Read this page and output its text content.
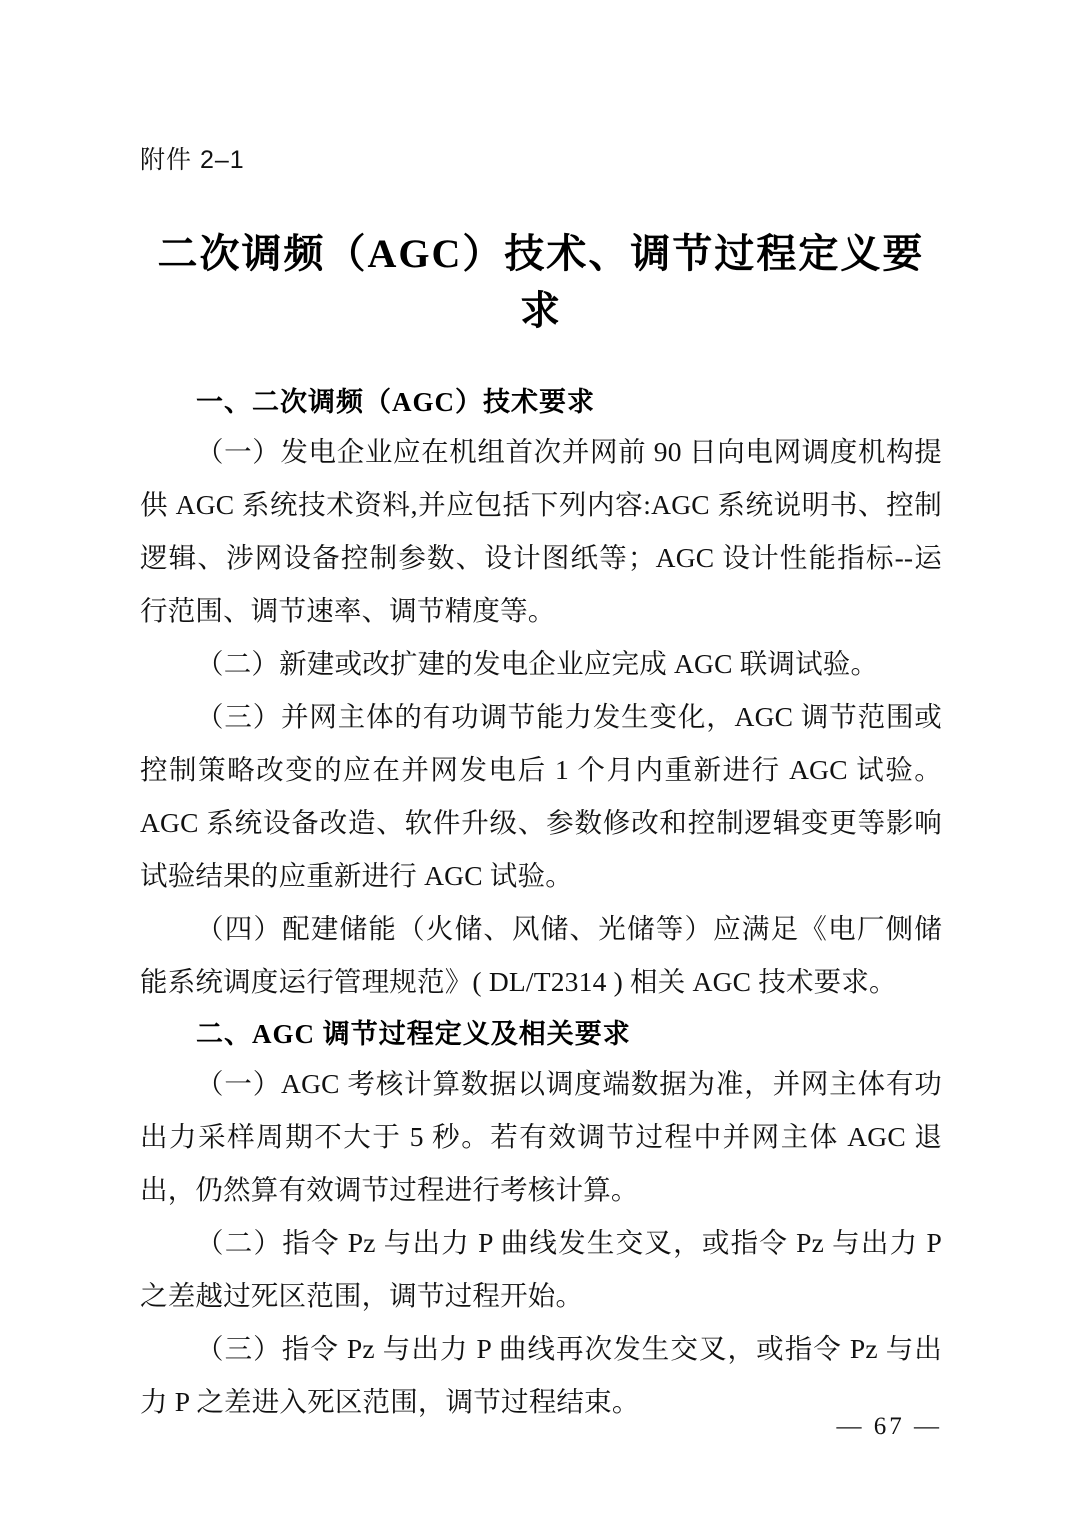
附件 2–1
二次调频（AGC）技术、调节过程定义要求
一、二次调频（AGC）技术要求

（一）发电企业应在机组首次并网前 90 日向电网调度机构提供 AGC 系统技术资料,并应包括下列内容:AGC 系统说明书、控制逻辑、涉网设备控制参数、设计图纸等；AGC 设计性能指标--运行范围、调节速率、调节精度等。

（二）新建或改扩建的发电企业应完成 AGC 联调试验。

（三）并网主体的有功调节能力发生变化，AGC 调节范围或控制策略改变的应在并网发电后 1 个月内重新进行 AGC 试验。AGC 系统设备改造、软件升级、参数修改和控制逻辑变更等影响试验结果的应重新进行 AGC 试验。

（四）配建储能（火储、风储、光储等）应满足《电厂侧储能系统调度运行管理规范》( DL/T2314 ) 相关 AGC 技术要求。

二、AGC 调节过程定义及相关要求

（一）AGC 考核计算数据以调度端数据为准，并网主体有功出力采样周期不大于 5 秒。若有效调节过程中并网主体 AGC 退出，仍然算有效调节过程进行考核计算。

（二）指令 Pz 与出力 P 曲线发生交叉，或指令 Pz 与出力 P 之差越过死区范围，调节过程开始。

（三）指令 Pz 与出力 P 曲线再次发生交叉，或指令 Pz 与出力 P 之差进入死区范围，调节过程结束。

— 67 —
